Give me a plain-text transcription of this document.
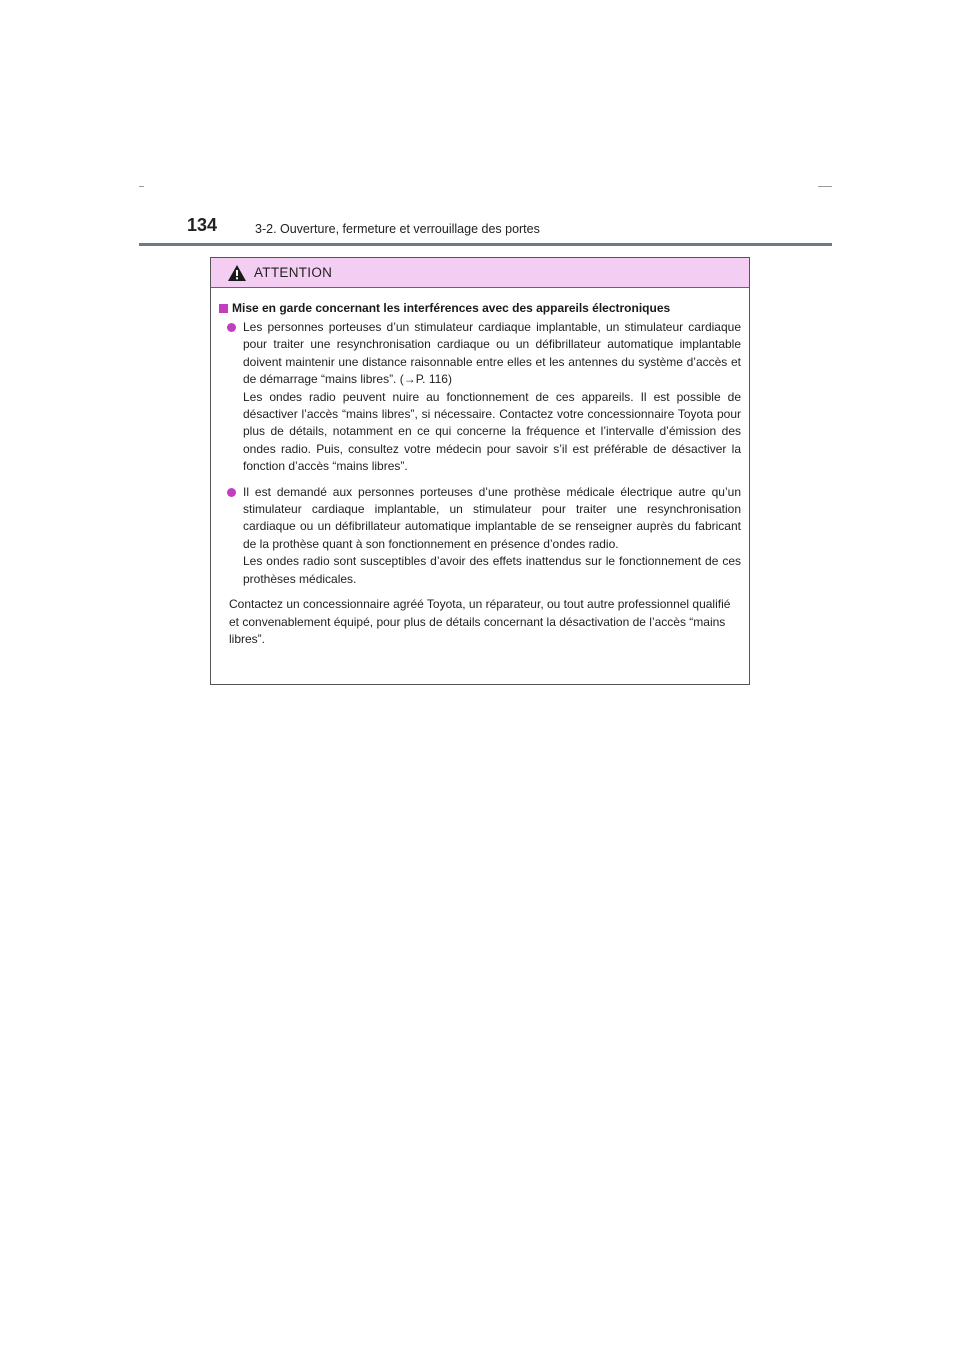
134	3-2. Ouverture, fermeture et verrouillage des portes
ATTENTION
Mise en garde concernant les interférences avec des appareils électroniques

Les personnes porteuses d’un stimulateur cardiaque implantable, un stimulateur cardiaque pour traiter une resynchronisation cardiaque ou un défibrillateur automatique implantable doivent maintenir une distance raisonnable entre elles et les antennes du système d’accès et de démarrage “mains libres”. (→P. 116)

Les ondes radio peuvent nuire au fonctionnement de ces appareils. Il est possible de désactiver l’accès “mains libres”, si nécessaire. Contactez votre concessionnaire Toyota pour plus de détails, notamment en ce qui concerne la fréquence et l’intervalle d’émission des ondes radio. Puis, consultez votre médecin pour savoir s’il est préférable de désactiver la fonction d’accès “mains libres”.

Il est demandé aux personnes porteuses d’une prothèse médicale électrique autre qu’un stimulateur cardiaque implantable, un stimulateur pour traiter une resynchronisation cardiaque ou un défibrillateur automatique implantable de se renseigner auprès du fabricant de la prothèse quant à son fonctionnement en présence d’ondes radio.

Les ondes radio sont susceptibles d’avoir des effets inattendus sur le fonctionnement de ces prothèses médicales.

Contactez un concessionnaire agréé Toyota, un réparateur, ou tout autre professionnel qualifié et convenablement équipé, pour plus de détails concernant la désactivation de l’accès “mains libres”.
